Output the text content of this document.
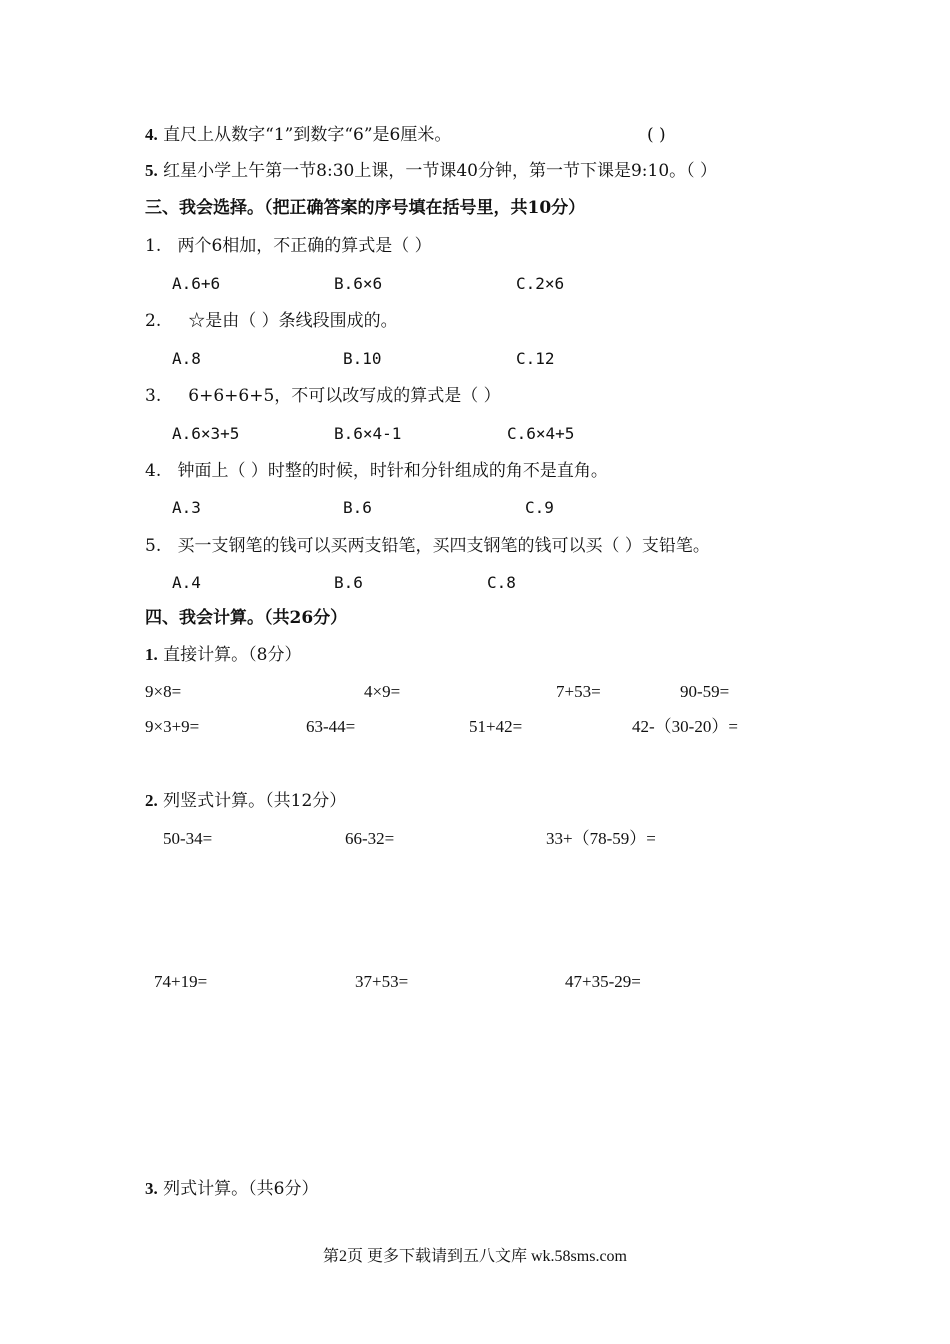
4. 直尺上从数字“1”到数字“6”是6厘米。	( )
5. 红星小学上午第一节8:30上课，一节课40分钟，第一节下课是9:10。（ ）
三、我会选择。（把正确答案的序号填在括号里，共10分）
1. 两个6相加，不正确的算式是（ ）
A.6+6	B.6×6	C.2×6
2. ☆是由（ ）条线段围成的。
A.8	B.10	C.12
3. 6+6+6+5，不可以改写成的算式是（ ）
A.6×3+5	B.6×4-1	C.6×4+5
4. 钟面上（ ）时整的时候，时针和分针组成的角不是直角。
A.3	B.6	C.9
5. 买一支钢笔的钱可以买两支铅笔，买四支钢笔的钱可以买（ ）支铅笔。
A.4	B.6	C.8
四、我会计算。（共26分）
1. 直接计算。（8分）
9×8=	4×9=	7+53=	90-59=
9×3+9=	63-44=	51+42=	42-（30-20）=
2. 列竖式计算。（共12分）
50-34=	66-32=	33+（78-59）=
74+19=	37+53=	47+35-29=
3. 列式计算。（共6分）
第2页 更多下载请到五八文库 wk.58sms.com
